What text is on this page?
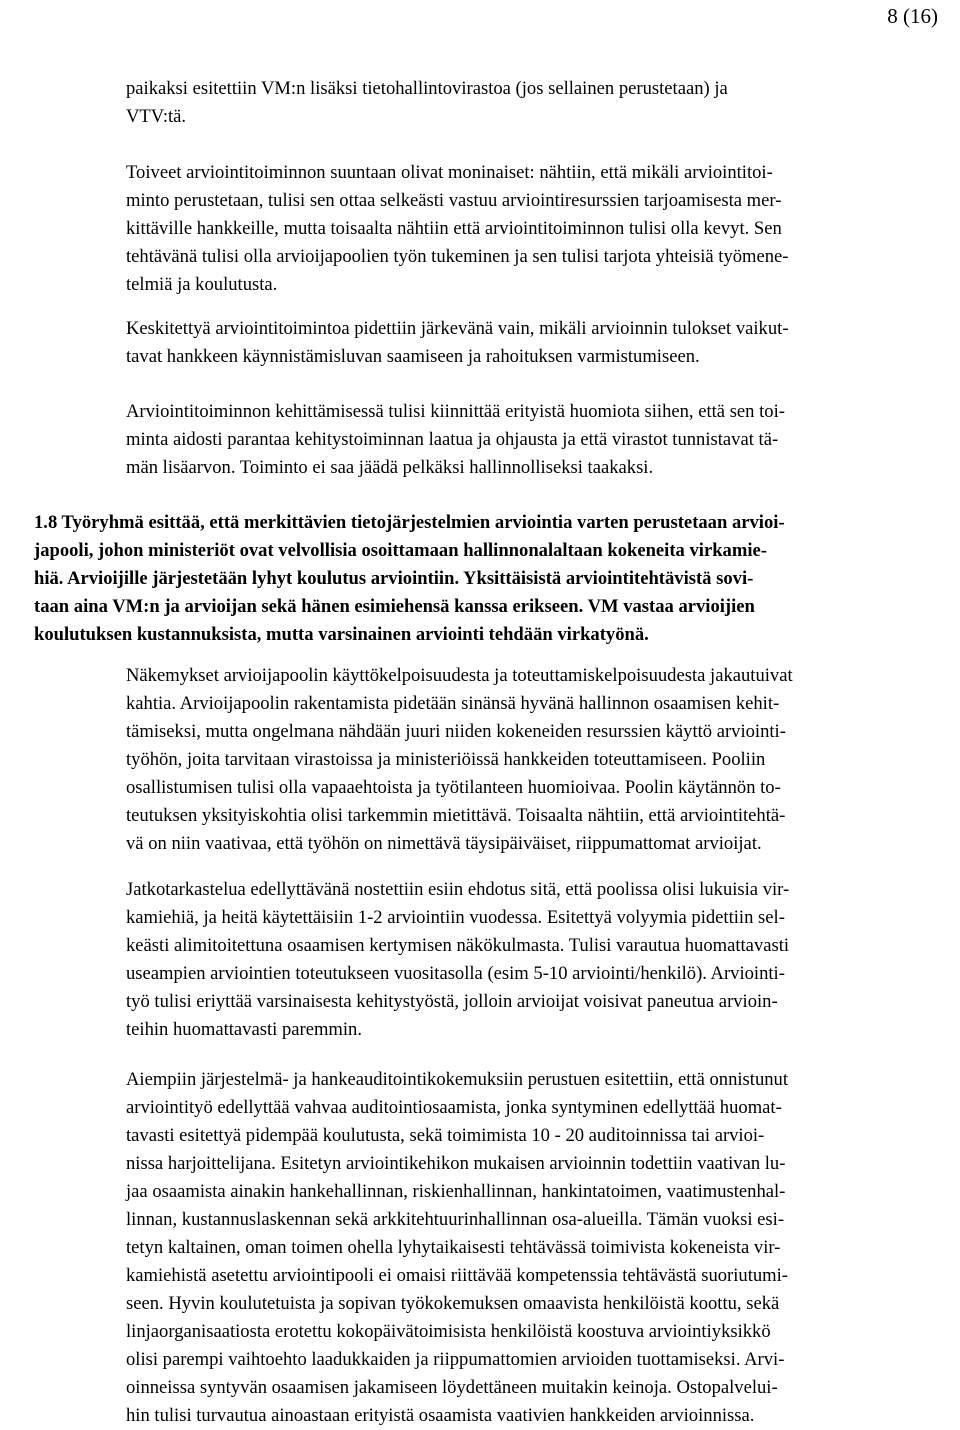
8 (16)
paikaksi esitettiin VM:n lisäksi tietohallintovirastoa (jos sellainen perustetaan) ja
VTV:tä.
Toiveet arviointitoiminnon suuntaan olivat moninaiset: nähtiin, että mikäli arviointitoi-
minto perustetaan, tulisi sen ottaa selkeästi vastuu arviointiresurssien tarjoamisesta mer-
kittäville hankkeille, mutta toisaalta nähtiin että arviointitoiminnon tulisi olla kevyt. Sen
tehtävänä tulisi olla arvioijapoolien työn tukeminen ja sen tulisi tarjota yhteisiä työmene-
telmiä ja koulutusta.
Keskitettyä arviointitoimintoa pidettiin järkevänä vain, mikäli arvioinnin tulokset vaikut-
tavat hankkeen käynnistämisluvan saamiseen ja rahoituksen varmistumiseen.
Arviointitoiminnon kehittämisessä tulisi kiinnittää erityistä huomiota siihen, että sen toi-
minta aidosti parantaa kehitystoiminnan laatua ja ohjausta ja että virastot tunnistavat tä-
män lisäarvon. Toiminto ei saa jäädä pelkäksi hallinnolliseksi taakaksi.
1.8 Työryhmä esittää, että merkittävien tietojärjestelmien arviointia varten perustetaan arvioi-
japooli, johon ministeriöt ovat velvollisia osoittamaan hallinnonalaltaan kokeneita virkamie-
hiä. Arvioijille järjestetään lyhyt koulutus arviointiin. Yksittäisistä arviointitehtävistä sovi-
taan aina VM:n ja arvioijan sekä hänen esimiehensä kanssa erikseen. VM vastaa arvioijien
koulutuksen kustannuksista, mutta varsinainen arviointi tehdään virkatyönä.
Näkemykset arvioijapoolin käyttökelpoisuudesta ja toteuttamiskelpoisuudesta jakautuivat
kahtia. Arvioijapoolin rakentamista pidetään sinänsä hyvänä hallinnon osaamisen kehit-
tämiseksi, mutta ongelmana nähdään juuri niiden kokeneiden resurssien käyttö arviointi-
työhön, joita tarvitaan virastoissa ja ministeriöissä hankkeiden toteuttamiseen. Pooliin
osallistumisen tulisi olla vapaaehtoista ja työtilanteen huomioivaa. Poolin käytännön to-
teutuksen yksityiskohtia olisi tarkemmin mietittävä. Toisaalta nähtiin, että arviointitehtä-
vä on niin vaativaa, että työhön on nimettävä täysipäiväiset, riippumattomat arvioijat.
Jatkotarkastelua edellyttävänä nostettiin esiin ehdotus sitä, että poolissa olisi lukuisia vir-
kamiehiä, ja heitä käytettäisiin 1-2 arviointiin vuodessa. Esitettyä volyymia pidettiin sel-
keästi alimitoitettuna osaamisen kertymisen näkökulmasta. Tulisi varautua huomattavasti
useampien arviointien toteutukseen vuositasolla (esim 5-10 arviointi/henkilö). Arviointi-
työ tulisi eriyttää varsinaisesta kehitystyöstä, jolloin arvioijat voisivat paneutua arvioin-
teihin huomattavasti paremmin.
Aiempiin järjestelmä- ja hankeauditointikokemuksiin perustuen esitettiin, että onnistunut
arviointityö edellyttää vahvaa auditointiosaamista, jonka syntyminen edellyttää huomat-
tavasti esitettyä pidempää koulutusta, sekä toimimista 10 - 20 auditoinnissa tai arvioi-
nissa harjoittelijana. Esitetyn arviointikehikon mukaisen arvioinnin todettiin vaativan lu-
jaa osaamista ainakin hankehallinnan, riskienhallinnan, hankintatoimen, vaatimustenhal-
linnan, kustannuslaskennan sekä arkkitehtuurinhallinnan osa-alueilla. Tämän vuoksi esi-
tetyn kaltainen, oman toimen ohella lyhytaikaisesti tehtävässä toimivista kokeneista vir-
kamiehistä asetettu arviointipooli ei omaisi riittävää kompetenssia tehtävästä suoriutumi-
seen. Hyvin koulutetuista ja sopivan työkokemuksen omaavista henkilöistä koottu, sekä
linjaorganisaatiosta erotettu kokopäivätoimisista henkilöistä koostuva arviointiyksikkö
olisi parempi vaihtoehto laadukkaiden ja riippumattomien arvioiden tuottamiseksi. Arvi-
oinneissa syntyvän osaamisen jakamiseen löydettäneen muitakin keinoja. Ostopalvelui-
hin tulisi turvautua ainoastaan erityistä osaamista vaativien hankkeiden arvioinnissa.
